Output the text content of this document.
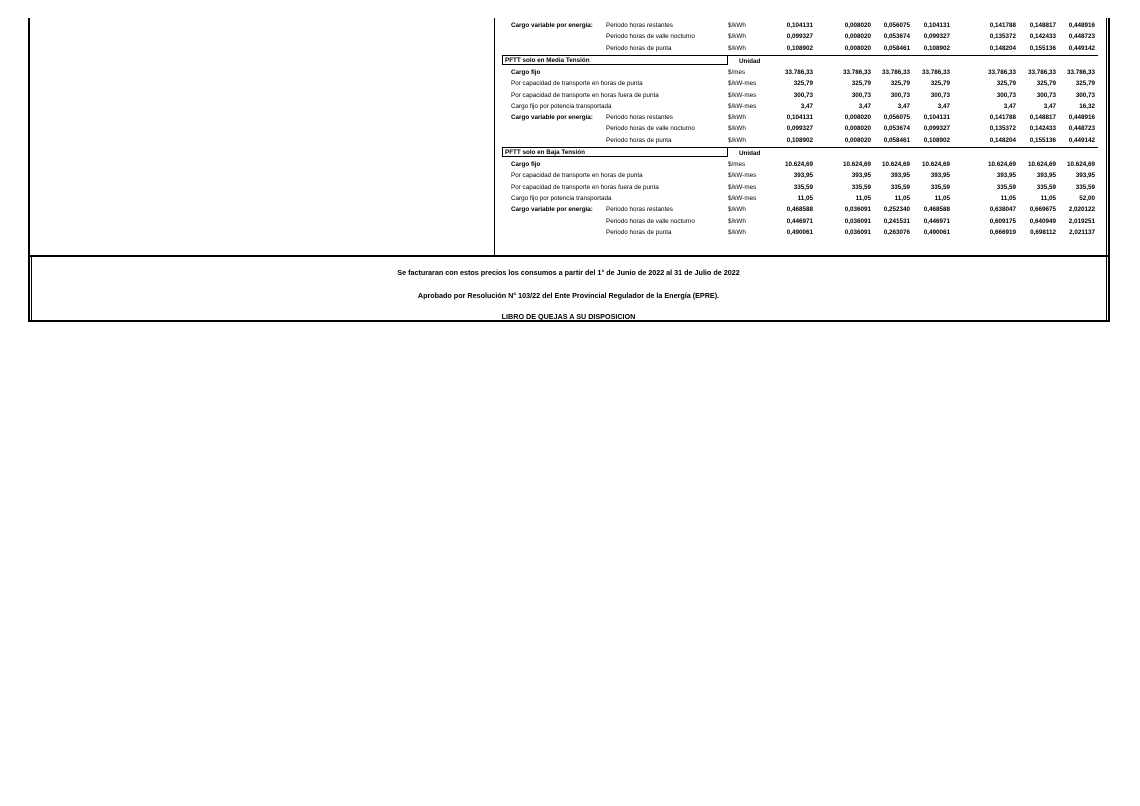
Cargo variable por energía: Periodo horas restantes	$/kWh	0,104131	0,008020	0,056075	0,104131	0,141788	0,148817	0,448916
Periodo horas de valle nocturno	$/kWh	0,099327	0,008020	0,053674	0,099327	0,135372	0,142433	0,448723
Periodo horas de punta	$/kWh	0,108902	0,008020	0,058461	0,108902	0,148204	0,155136	0,449142
PFTT solo en Media Tensión	Unidad
Cargo fijo	$/mes	33.786,33	33.786,33	33.786,33	33.786,33	33.786,33	33.786,33	33.786,33
Por capacidad de transporte en horas de punta	$/kW-mes	325,79	325,79	325,79	325,79	325,79	325,79	325,79
Por capacidad de transporte en horas fuera de punta	$/kW-mes	300,73	300,73	300,73	300,73	300,73	300,73	300,73
Cargo fijo por potencia transportada	$/kW-mes	3,47	3,47	3,47	3,47	3,47	3,47	16,32
Cargo variable por energía: Periodo horas restantes	$/kWh	0,104131	0,008020	0,056075	0,104131	0,141788	0,148817	0,448916
Periodo horas de valle nocturno	$/kWh	0,099327	0,008020	0,053674	0,099327	0,135372	0,142433	0,448723
Periodo horas de punta	$/kWh	0,108902	0,008020	0,058461	0,108902	0,148204	0,155136	0,449142
PFTT solo en Baja Tensión	Unidad
Cargo fijo	$/mes	10.624,69	10.624,69	10.624,69	10.624,69	10.624,69	10.624,69	10.624,69
Por capacidad de transporte en horas de punta	$/kW-mes	393,95	393,95	393,95	393,95	393,95	393,95	393,95
Por capacidad de transporte en horas fuera de punta	$/kW-mes	335,59	335,59	335,59	335,59	335,59	335,59	335,59
Cargo fijo por potencia transportada	$/kW-mes	11,05	11,05	11,05	11,05	11,05	11,05	52,00
Cargo variable por energía: Periodo horas restantes	$/kWh	0,468588	0,036091	0,252340	0,468588	0,638047	0,669675	2,020122
Periodo horas de valle nocturno	$/kWh	0,446971	0,036091	0,241531	0,446971	0,609175	0,640949	2,019251
Periodo horas de punta	$/kWh	0,490061	0,036091	0,263076	0,490061	0,666919	0,698112	2,021137
Se facturaran con estos precios los consumos a partir del 1° de Junio de 2022 al 31 de Julio de 2022
Aprobado por Resolución N° 103/22 del Ente Provincial Regulador de la Energía (EPRE).
LIBRO DE QUEJAS A SU DISPOSICION
